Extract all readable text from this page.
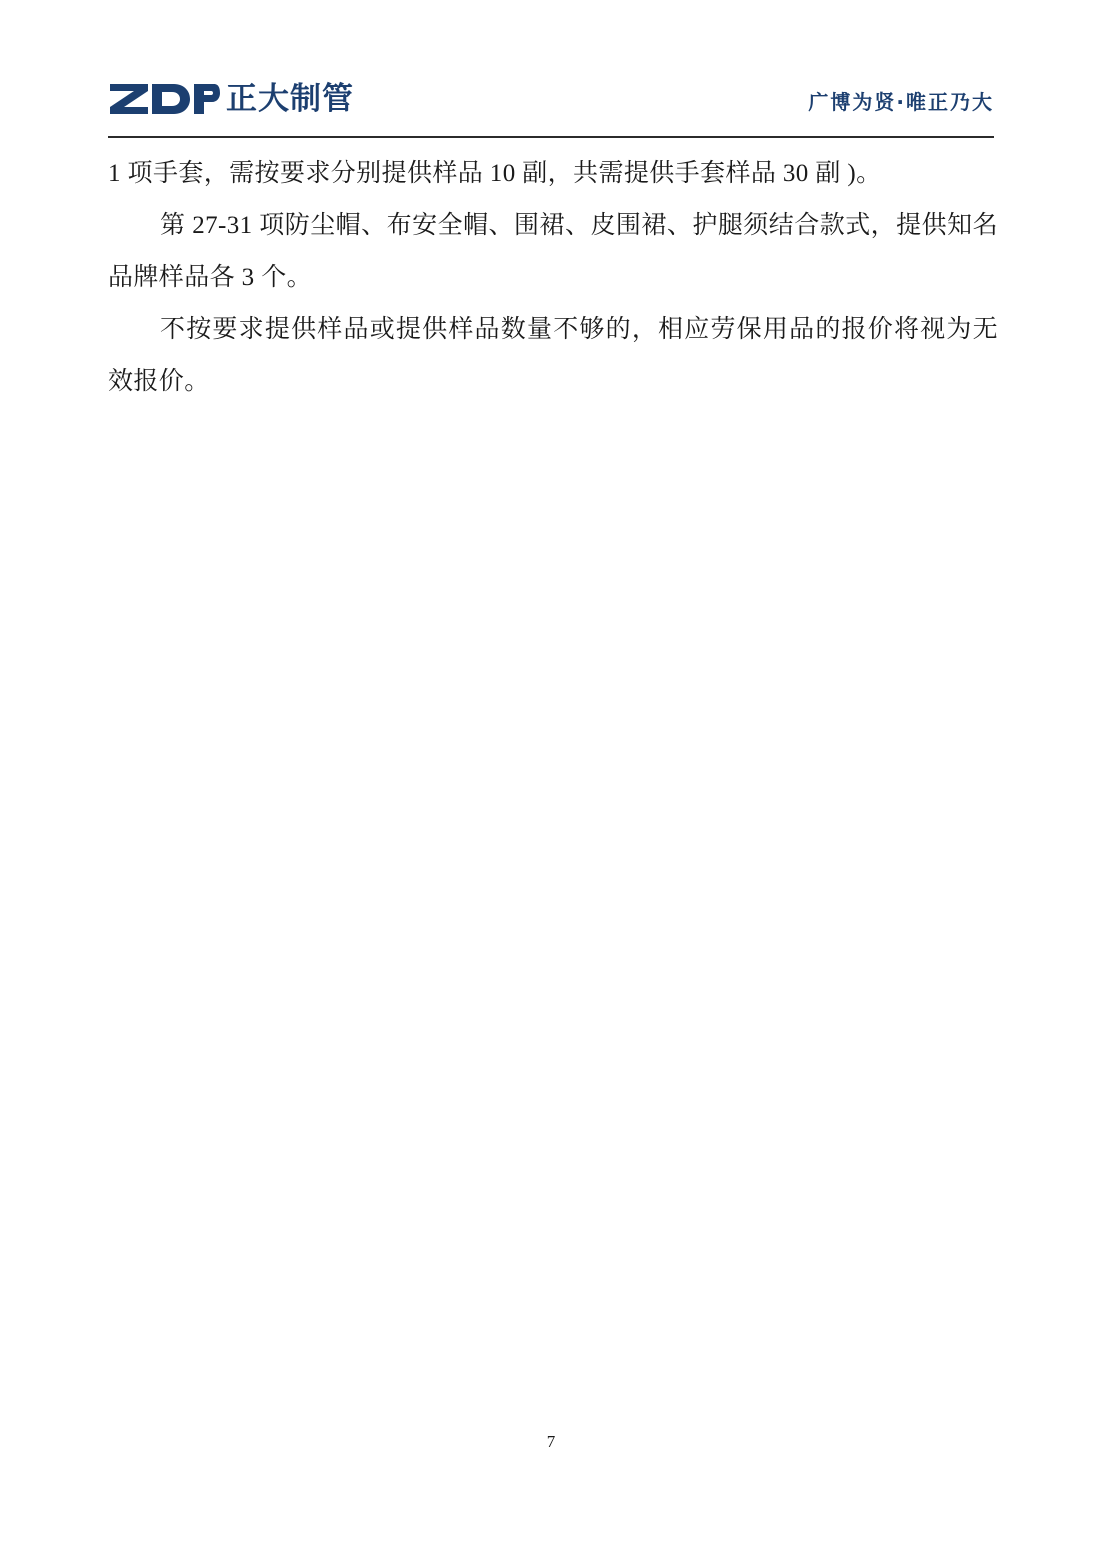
正大制管	广博为贤·唯正乃大

1 项手套，需按要求分别提供样品 10 副，共需提供手套样品 30 副 )。

第 27-31 项防尘帽、布安全帽、围裙、皮围裙、护腿须结合款式，提供知名品牌样品各 3 个。

不按要求提供样品或提供样品数量不够的，相应劳保用品的报价将视为无效报价。

7
